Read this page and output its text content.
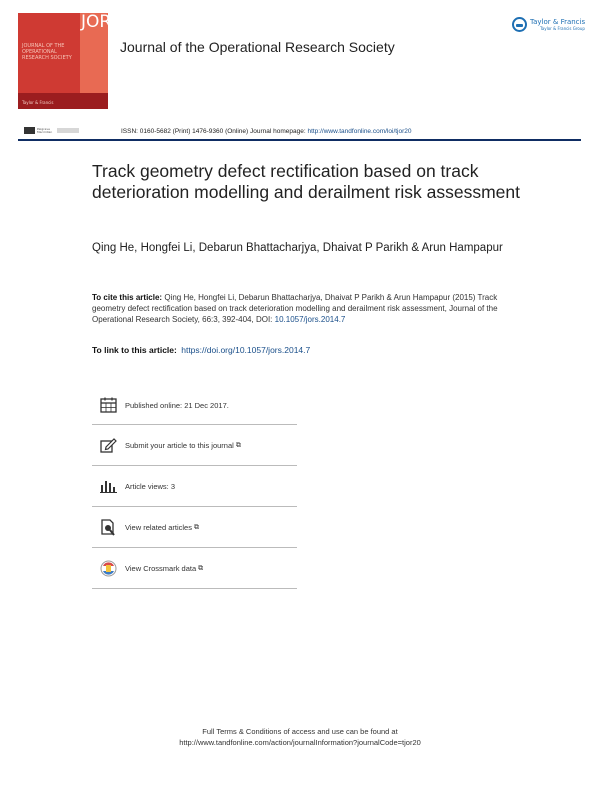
JORS
JOURNAL OF THE OPERATIONAL RESEARCH SOCIETY
Taylor & Francis
Journal of the Operational Research Society
Taylor & Francis
Taylor & Francis Group
Palgrave Macmillan	ISSN: 0160-5682 (Print) 1476-9360 (Online) Journal homepage: http://www.tandfonline.com/loi/tjor20
Track geometry defect rectification based on track deterioration modelling and derailment risk assessment
Qing He, Hongfei Li, Debarun Bhattacharjya, Dhaivat P Parikh & Arun Hampapur
To cite this article: Qing He, Hongfei Li, Debarun Bhattacharjya, Dhaivat P Parikh & Arun Hampapur (2015) Track geometry defect rectification based on track deterioration modelling and derailment risk assessment, Journal of the Operational Research Society, 66:3, 392-404, DOI: 10.1057/jors.2014.7
To link to this article: https://doi.org/10.1057/jors.2014.7
Published online: 21 Dec 2017.
Submit your article to this journal ⧉
Article views: 3
View related articles ⧉
View Crossmark data ⧉
Full Terms & Conditions of access and use can be found at
http://www.tandfonline.com/action/journalInformation?journalCode=tjor20
